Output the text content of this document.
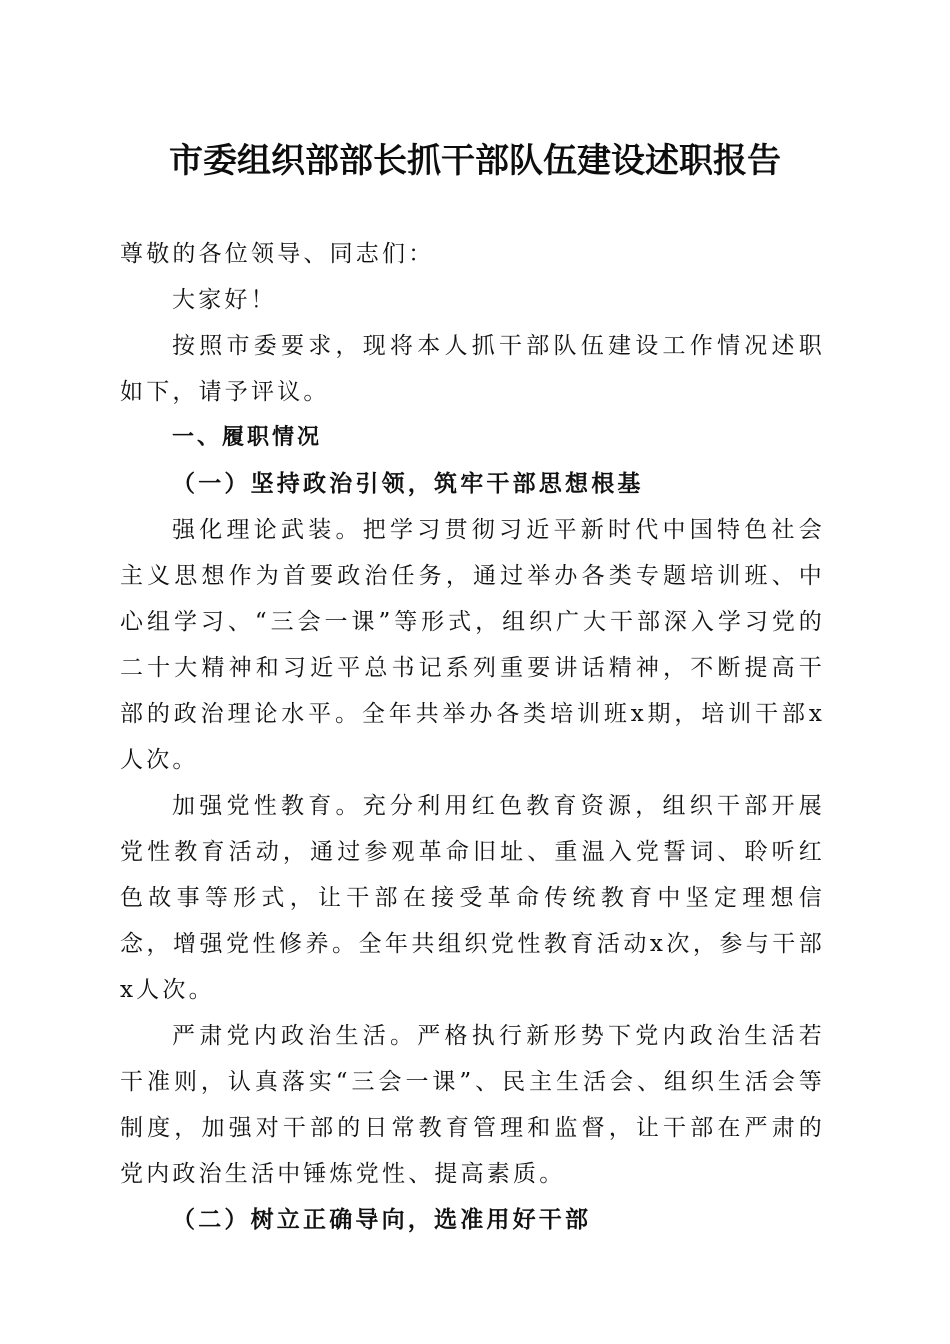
市委组织部部长抓干部队伍建设述职报告

尊敬的各位领导、同志们：

大家好！

按照市委要求，现将本人抓干部队伍建设工作情况述职如下，请予评议。

一、履职情况

（一）坚持政治引领，筑牢干部思想根基

强化理论武装。把学习贯彻习近平新时代中国特色社会主义思想作为首要政治任务，通过举办各类专题培训班、中心组学习、“三会一课”等形式，组织广大干部深入学习党的二十大精神和习近平总书记系列重要讲话精神，不断提高干部的政治理论水平。全年共举办各类培训班x期，培训干部x人次。

加强党性教育。充分利用红色教育资源，组织干部开展党性教育活动，通过参观革命旧址、重温入党誓词、聆听红色故事等形式，让干部在接受革命传统教育中坚定理想信念，增强党性修养。全年共组织党性教育活动x次，参与干部x人次。

严肃党内政治生活。严格执行新形势下党内政治生活若干准则，认真落实“三会一课”、民主生活会、组织生活会等制度，加强对干部的日常教育管理和监督，让干部在严肃的党内政治生活中锤炼党性、提高素质。

（二）树立正确导向，选准用好干部
